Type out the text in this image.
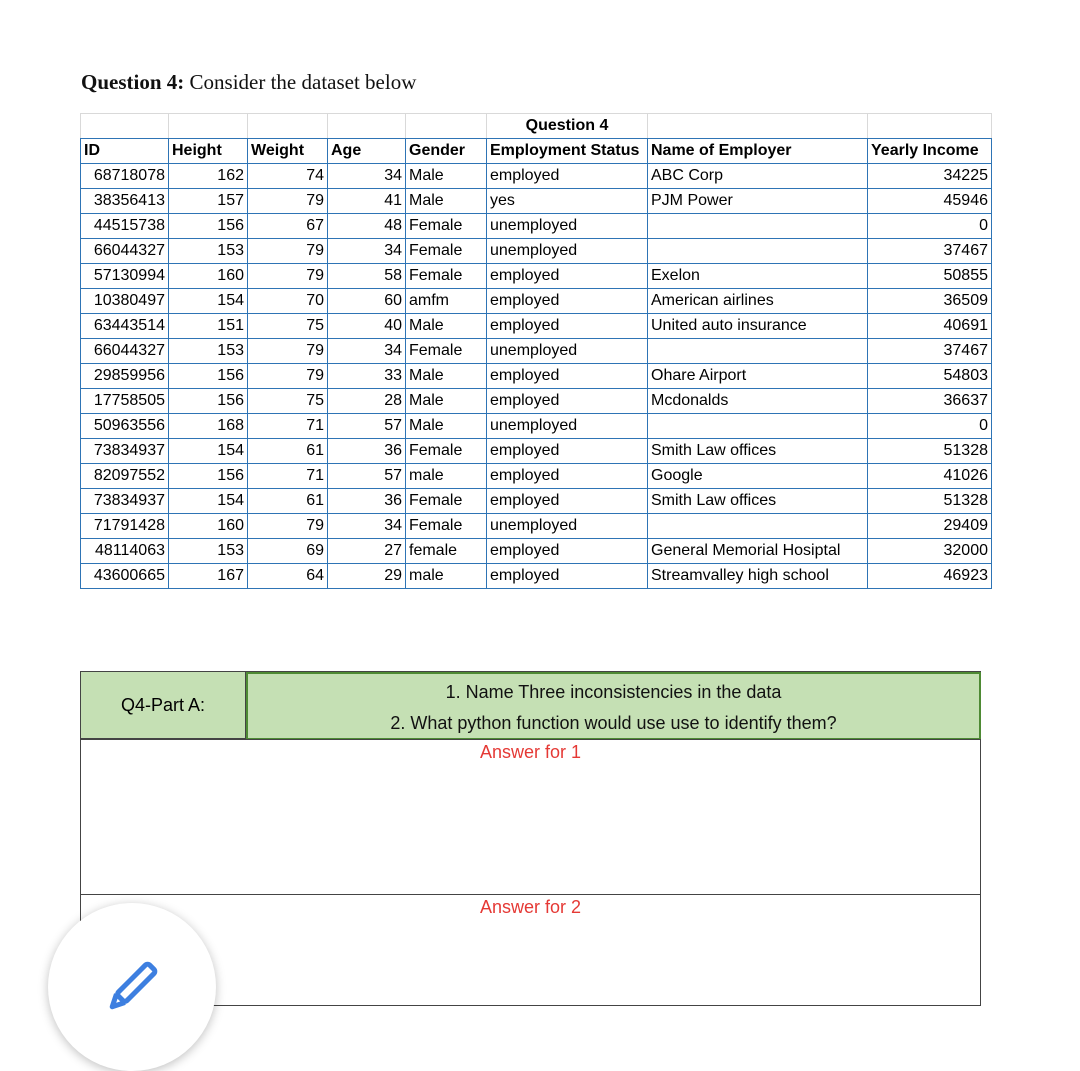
Question 4: Consider the dataset below
					Question 4		
ID	Height	Weight	Age	Gender	Employment Status	Name of Employer	Yearly Income
68718078	162	74	34	Male	employed	ABC Corp	34225
38356413	157	79	41	Male	yes	PJM Power	45946
44515738	156	67	48	Female	unemployed		0
66044327	153	79	34	Female	unemployed		37467
57130994	160	79	58	Female	employed	Exelon	50855
10380497	154	70	60	amfm	employed	American airlines	36509
63443514	151	75	40	Male	employed	United auto insurance	40691
66044327	153	79	34	Female	unemployed		37467
29859956	156	79	33	Male	employed	Ohare Airport	54803
17758505	156	75	28	Male	employed	Mcdonalds	36637
50963556	168	71	57	Male	unemployed		0
73834937	154	61	36	Female	employed	Smith Law offices	51328
82097552	156	71	57	male	employed	Google	41026
73834937	154	61	36	Female	employed	Smith Law offices	51328
71791428	160	79	34	Female	unemployed		29409
48114063	153	69	27	female	employed	General Memorial Hosiptal	32000
43600665	167	64	29	male	employed	Streamvalley high school	46923
Q4-Part A:
1. Name Three inconsistencies in the data
2. What python function would use use to identify them?
Answer for 1
Answer for 2
